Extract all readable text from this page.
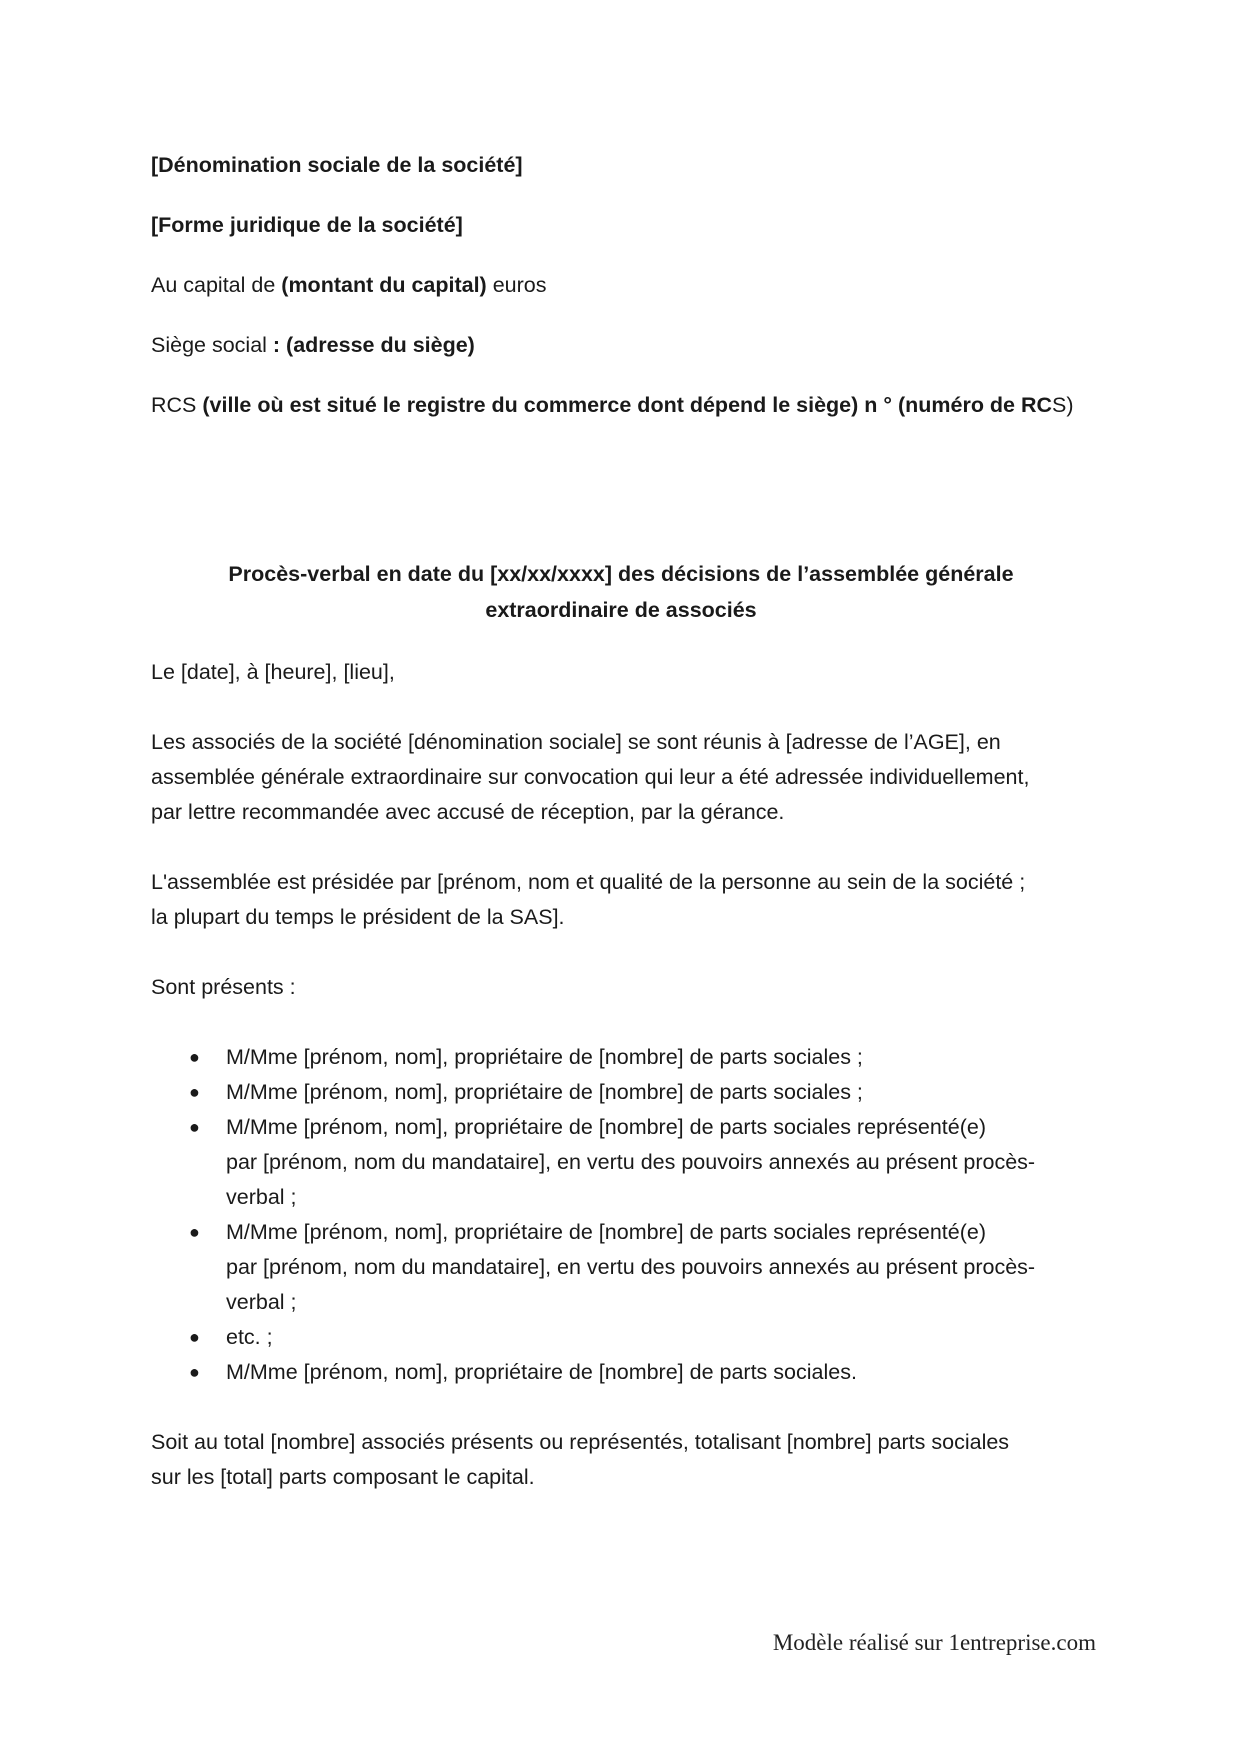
[Dénomination sociale de la société]
[Forme juridique de la société]
Au capital de (montant du capital) euros
Siège social : (adresse du siège)
RCS (ville où est situé le registre du commerce dont dépend le siège) n ° (numéro de RCS)
Procès-verbal en date du [xx/xx/xxxx] des décisions de l’assemblée générale
extraordinaire de associés

Le [date], à [heure], [lieu],

Les associés de la société [dénomination sociale] se sont réunis à [adresse de l’AGE], en

assemblée générale extraordinaire sur convocation qui leur a été adressée individuellement,

par lettre recommandée avec accusé de réception, par la gérance.

L'assemblée est présidée par [prénom, nom et qualité de la personne au sein de la société ;

la plupart du temps le président de la SAS].

Sont présents :

● M/Mme [prénom, nom], propriétaire de [nombre] de parts sociales ;
● M/Mme [prénom, nom], propriétaire de [nombre] de parts sociales ;
● M/Mme [prénom, nom], propriétaire de [nombre] de parts sociales représenté(e)
par [prénom, nom du mandataire], en vertu des pouvoirs annexés au présent procès-
verbal ;
● M/Mme [prénom, nom], propriétaire de [nombre] de parts sociales représenté(e)
par [prénom, nom du mandataire], en vertu des pouvoirs annexés au présent procès-
verbal ;
● etc. ;
● M/Mme [prénom, nom], propriétaire de [nombre] de parts sociales.

Soit au total [nombre] associés présents ou représentés, totalisant [nombre] parts sociales

sur les [total] parts composant le capital.

Modèle réalisé sur 1entreprise.com
